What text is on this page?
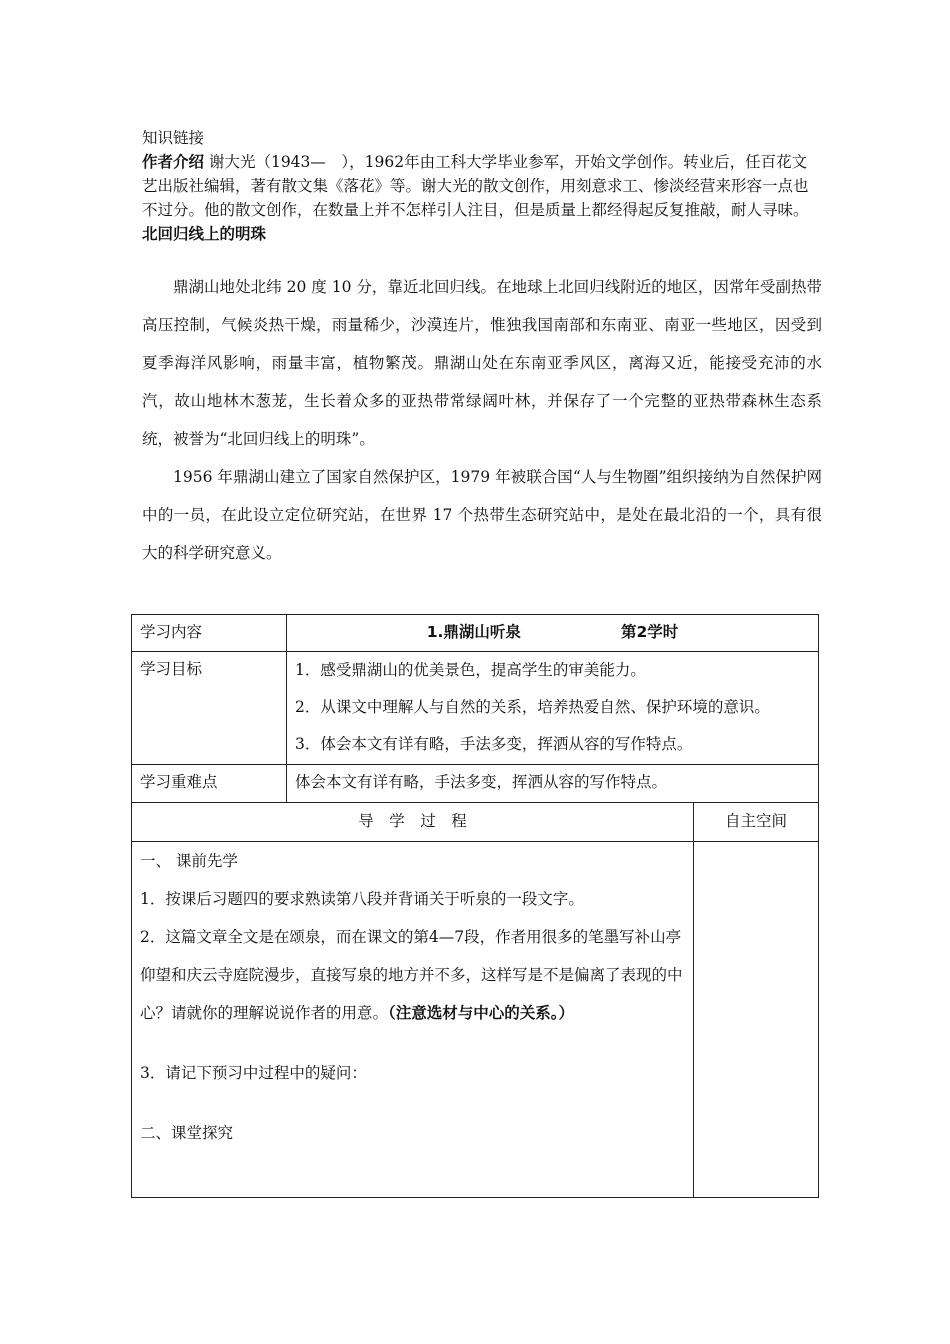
知识链接

作者介绍 谢大光（1943—　），1962年由工科大学毕业参军，开始文学创作。转业后，任百花文艺出版社编辑，著有散文集《落花》等。谢大光的散文创作，用刻意求工、惨淡经营来形容一点也不过分。他的散文创作，在数量上并不怎样引人注目，但是质量上都经得起反复推敲，耐人寻味。

北回归线上的明珠

鼎湖山地处北纬 20 度 10 分，靠近北回归线。在地球上北回归线附近的地区，因常年受副热带高压控制，气候炎热干燥，雨量稀少，沙漠连片，惟独我国南部和东南亚、南亚一些地区，因受到夏季海洋风影响，雨量丰富，植物繁茂。鼎湖山处在东南亚季风区，离海又近，能接受充沛的水汽，故山地林木葱茏，生长着众多的亚热带常绿阔叶林，并保存了一个完整的亚热带森林生态系统，被誉为“北回归线上的明珠”。

1956 年鼎湖山建立了国家自然保护区，1979 年被联合国“人与生物圈”组织接纳为自然保护网中的一员，在此设立定位研究站，在世界 17 个热带生态研究站中，是处在最北沿的一个，具有很大的科学研究意义。

学习内容	1.鼎湖山听泉 第2学时	
学习目标	1．感受鼎湖山的优美景色，提高学生的审美能力。

2．从课文中理解人与自然的关系，培养热爱自然、保护环境的意识。

3．体会本文有详有略，手法多变，挥洒从容的写作特点。	

学习重难点	体会本文有详有略，手法多变，挥洒从容的写作特点。	
导　学　过　程		自主空间

一、 课前先学

1．按课后习题四的要求熟读第八段并背诵关于听泉的一段文字。

2．这篇文章全文是在颂泉，而在课文的第4—7段，作者用很多的笔墨写补山亭仰望和庆云寺庭院漫步，直接写泉的地方并不多，这样写是不是偏离了表现的中心？请就你的理解说说作者的用意。（注意选材与中心的关系。）

3．请记下预习中过程中的疑问：

二、课堂探究		
